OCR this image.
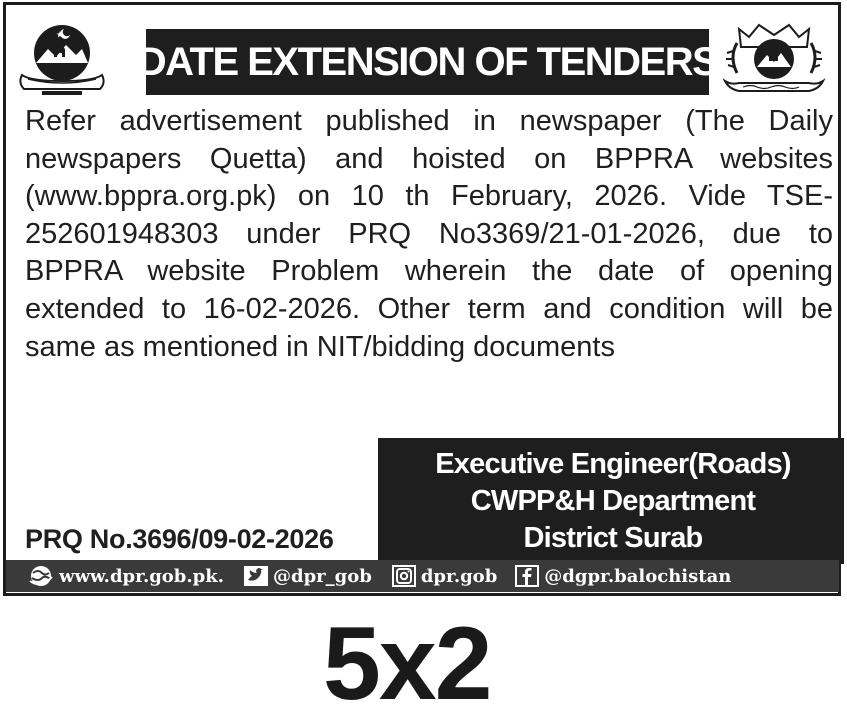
DATE EXTENSION OF TENDERS

Refer advertisement published in newspaper (The Daily newspapers Quetta) and hoisted on BPPRA websites (www.bppra.org.pk) on 10 th February, 2026. Vide TSE-252601948303 under PRQ No3369/21-01-2026, due to BPPRA website Problem wherein the date of opening extended to 16-02-2026. Other term and condition will be same as mentioned in NIT/bidding documents

Executive Engineer(Roads)
CWPP&H Department
District Surab
PRQ No.3696/09-02-2026
www.dpr.gob.pk.	@dpr_gob	dpr.gob	@dgpr.balochistan
5x2
